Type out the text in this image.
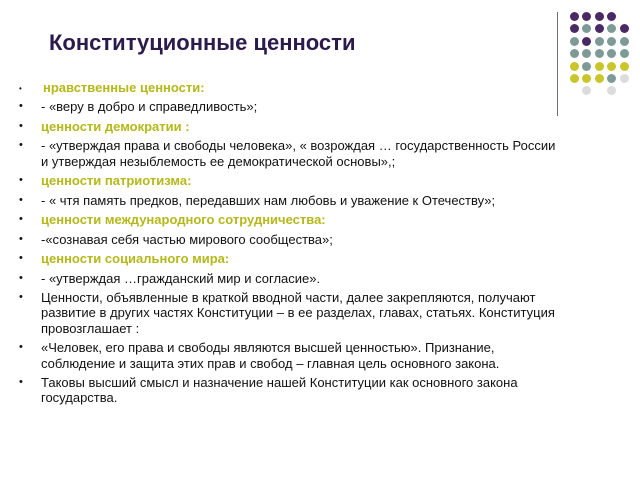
Конституционные ценности
• нравственные ценности:
• - «веру в добро и справедливость»;
• ценности демократии :
• - «утверждая права и свободы человека», « возрождая … государственность России и утверждая незыблемость ее демократической основы»,;
• ценности патриотизма:
• - « чтя память предков, передавших нам любовь и уважение к Отечеству»;
• ценности международного сотрудничества:
• -«сознавая себя частью мирового сообщества»;
• ценности социального мира:
• - «утверждая …гражданский мир и согласие».
• Ценности, объявленные в краткой вводной части, далее закрепляются, получают развитие в других частях Конституции – в ее разделах, главах, статьях. Конституция провозглашает :
• «Человек, его права и свободы являются высшей ценностью». Признание, соблюдение и защита этих прав и свобод – главная цель основного закона.
• Таковы высший смысл и назначение нашей Конституции как основного закона государства.
